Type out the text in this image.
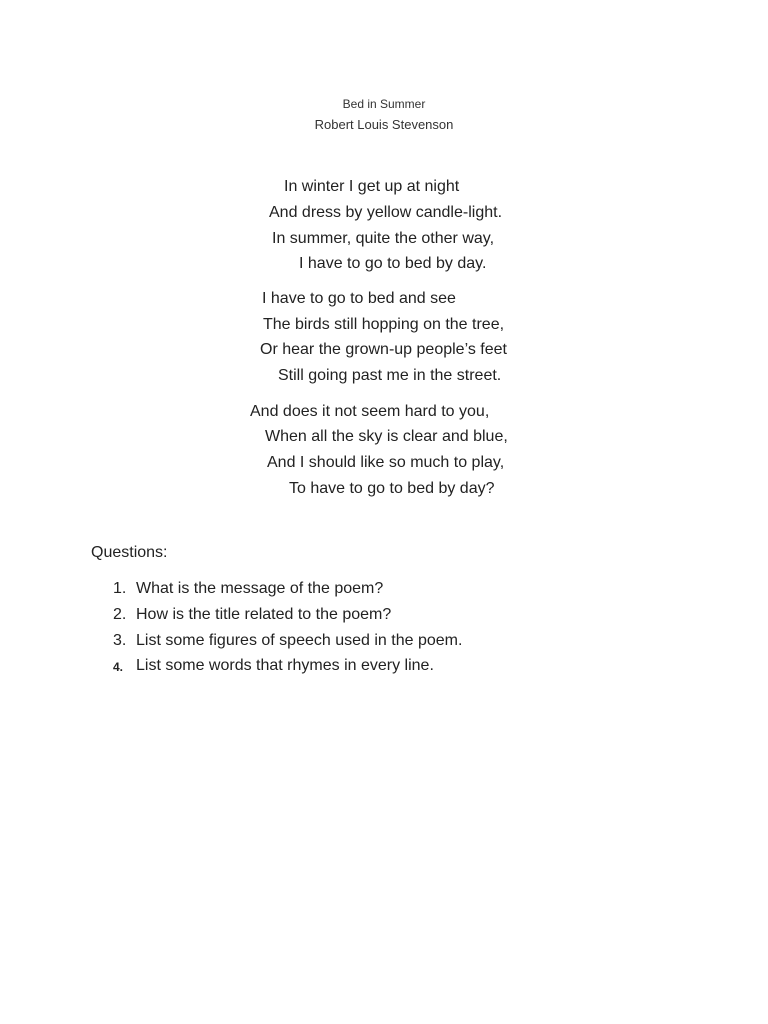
Bed in Summer
Robert Louis Stevenson
In winter I get up at night
And dress by yellow candle-light.
In summer, quite the other way,
I have to go to bed by day.
I have to go to bed and see
The birds still hopping on the tree,
Or hear the grown-up people’s feet
Still going past me in the street.
And does it not seem hard to you,
When all the sky is clear and blue,
And I should like so much to play,
To have to go to bed by day?
Questions:
1. What is the message of the poem?
2. How is the title related to the poem?
3. List some figures of speech used in the poem.
4. List some words that rhymes in every line.
